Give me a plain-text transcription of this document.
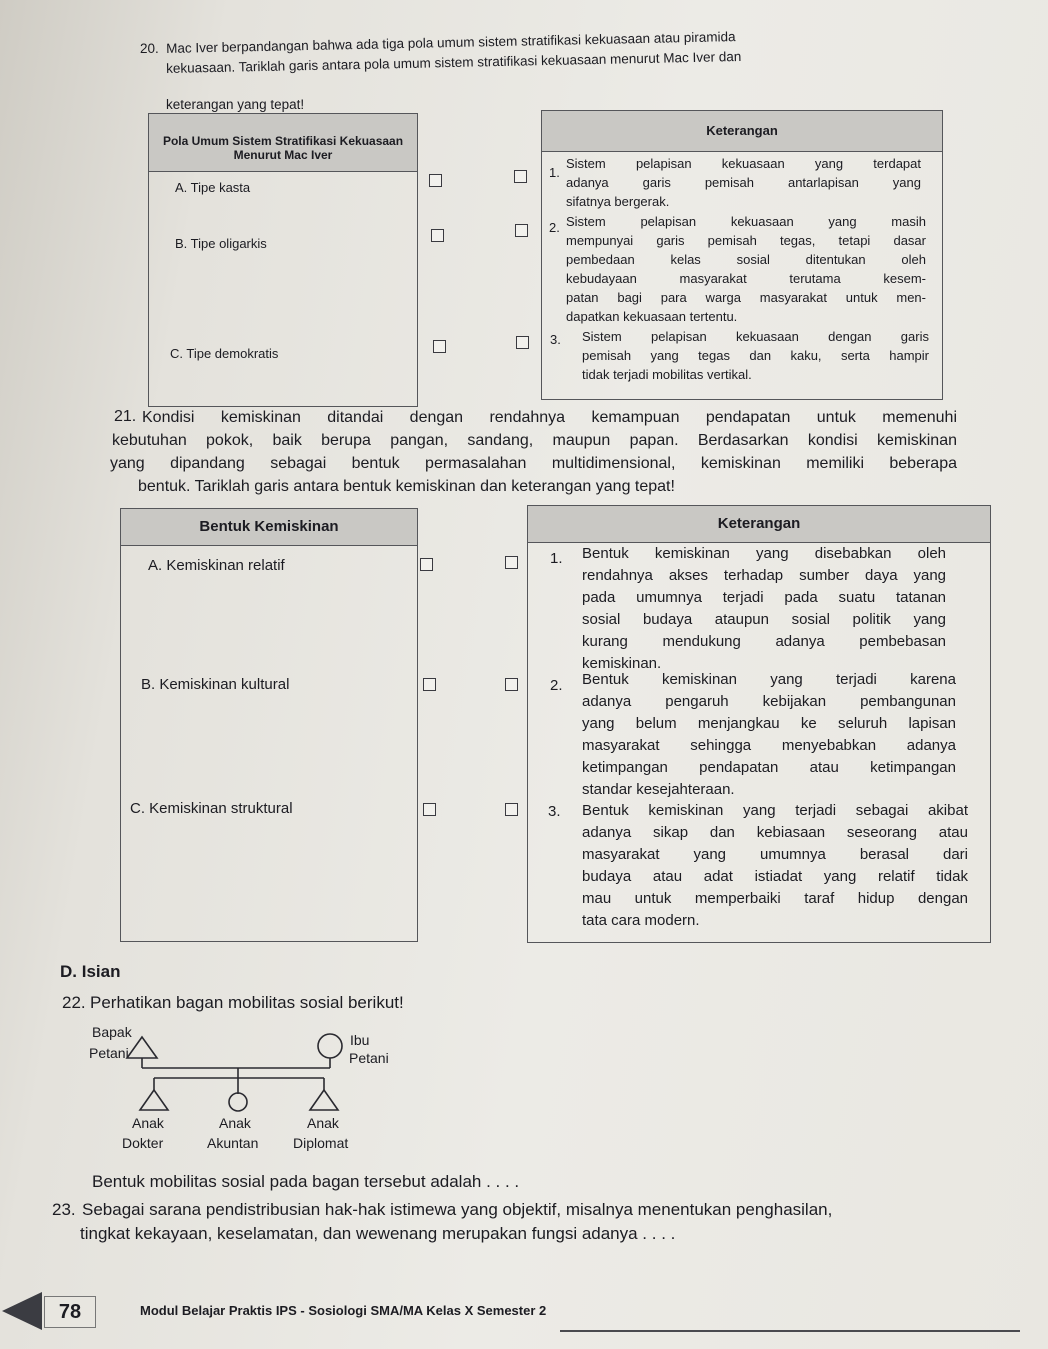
20. Mac Iver berpandangan bahwa ada tiga pola umum sistem stratifikasi kekuasaan atau piramida
kekuasaan. Tariklah garis antara pola umum sistem stratifikasi kekuasaan menurut Mac Iver dan
keterangan yang tepat!
Pola Umum Sistem Stratifikasi Kekuasaan Menurut Mac Iver
Keterangan
A. Tipe kasta
B. Tipe oligarkis
C. Tipe demokratis
1.
Sistem pelapisan kekuasaan yang terdapat
adanya garis pemisah antarlapisan yang
sifatnya bergerak.
2. Sistem pelapisan kekuasaan yang masih
mempunyai garis pemisah tegas, tetapi dasar
pembedaan kelas sosial ditentukan oleh
kebudayaan masyarakat terutama kesem-
patan bagi para warga masyarakat untuk men-
dapatkan kekuasaan tertentu.
3. Sistem pelapisan kekuasaan dengan garis
pemisah yang tegas dan kaku, serta hampir
tidak terjadi mobilitas vertikal.
21. Kondisi kemiskinan ditandai dengan rendahnya kemampuan pendapatan untuk memenuhi
kebutuhan pokok, baik berupa pangan, sandang, maupun papan. Berdasarkan kondisi kemiskinan
yang dipandang sebagai bentuk permasalahan multidimensional, kemiskinan memiliki beberapa
bentuk. Tariklah garis antara bentuk kemiskinan dan keterangan yang tepat!
Bentuk Kemiskinan	Keterangan
A. Kemiskinan relatif
B. Kemiskinan kultural
C. Kemiskinan struktural
1. Bentuk kemiskinan yang disebabkan oleh
rendahnya akses terhadap sumber daya yang
pada umumnya terjadi pada suatu tatanan
sosial budaya ataupun sosial politik yang
kurang mendukung adanya pembebasan
kemiskinan.
2. Bentuk kemiskinan yang terjadi karena
adanya pengaruh kebijakan pembangunan
yang belum menjangkau ke seluruh lapisan
masyarakat sehingga menyebabkan adanya
ketimpangan pendapatan atau ketimpangan
standar kesejahteraan.
3. Bentuk kemiskinan yang terjadi sebagai akibat
adanya sikap dan kebiasaan seseorang atau
masyarakat yang umumnya berasal dari
budaya atau adat istiadat yang relatif tidak
mau untuk memperbaiki taraf hidup dengan
tata cara modern.
D. Isian
22. Perhatikan bagan mobilitas sosial berikut!
Bapak
Petani
Ibu
Petani
Anak
Dokter
Anak
Akuntan
Anak
Diplomat
Bentuk mobilitas sosial pada bagan tersebut adalah . . . .
23. Sebagai sarana pendistribusian hak-hak istimewa yang objektif, misalnya menentukan penghasilan,
tingkat kekayaan, keselamatan, dan wewenang merupakan fungsi adanya . . . .
78	Modul Belajar Praktis IPS - Sosiologi SMA/MA Kelas X Semester 2
